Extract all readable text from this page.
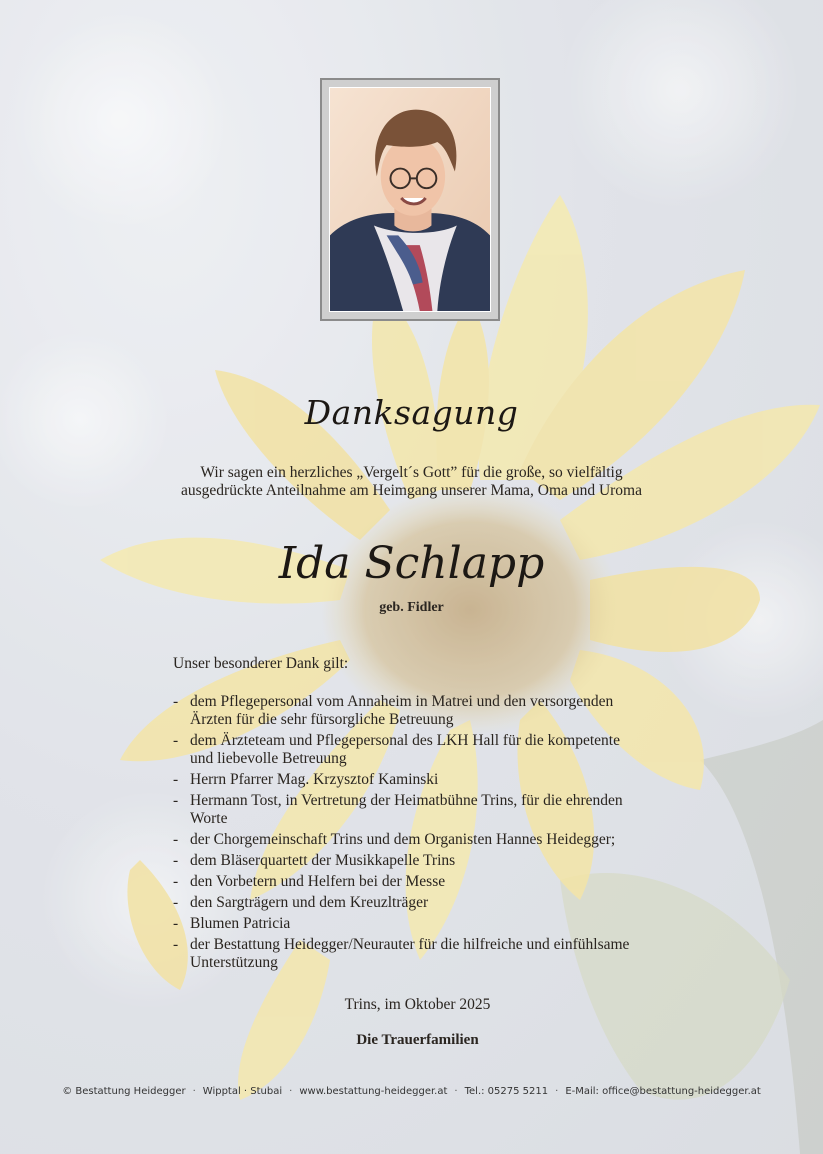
Danksagung
Wir sagen ein herzliches „Vergelt´s Gott” für die große, so vielfältig
ausgedrückte Anteilnahme am Heimgang unserer Mama, Oma und Uroma
Ida Schlapp
geb. Fidler
Unser besonderer Dank gilt:
- dem Pflegepersonal vom Annaheim in Matrei und den versorgenden
Ärzten für die sehr fürsorgliche Betreuung
- dem Ärzteteam und Pflegepersonal des LKH Hall für die kompetente
und liebevolle Betreuung
- Herrn Pfarrer Mag. Krzysztof Kaminski
- Hermann Tost, in Vertretung der Heimatbühne Trins, für die ehrenden
Worte
- der Chorgemeinschaft Trins und dem Organisten Hannes Heidegger;
- dem Bläserquartett der Musikkapelle Trins
- den Vorbetern und Helfern bei der Messe
- den Sargträgern und dem Kreuzlträger
- Blumen Patricia
- der Bestattung Heidegger/Neurauter für die hilfreiche und einfühlsame
Unterstützung
Trins, im Oktober 2025
Die Trauerfamilien
© Bestattung Heidegger · Wipptal · Stubai · www.bestattung-heidegger.at · Tel.: 05275 5211 · E-Mail: office@bestattung-heidegger.at
